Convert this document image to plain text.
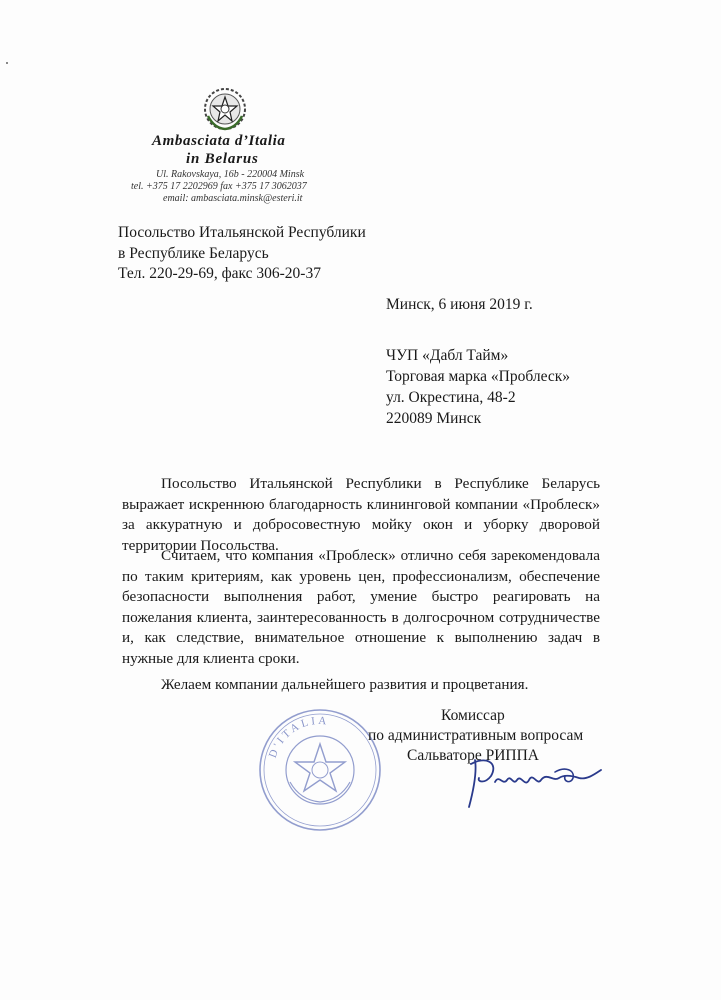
Ambasciata d’Italia
in Belarus
Ul. Rakovskaya, 16b - 220004 Minsk
tel. +375 17 2202969 fax +375 17 3062037
email: ambasciata.minsk@esteri.it
Посольство Итальянской Республики
в Республике Беларусь
Тел. 220-29-69, факс 306-20-37
Минск, 6 июня 2019 г.
ЧУП «Дабл Тайм»
Торговая марка «Проблеск»
ул. Окрестина, 48-2
220089 Минск

Посольство Итальянской Республики в Республике Беларусь выражает искреннюю благодарность клининговой компании «Проблеск» за аккуратную и добросовестную мойку окон и уборку дворовой территории Посольства.

Считаем, что компания «Проблеск» отлично себя зарекомендовала по таким критериям, как уровень цен, профессионализм, обеспечение безопасности выполнения работ, умение быстро реагировать на пожелания клиента, заинтересованность в долгосрочном сотрудничестве и, как следствие, внимательное отношение к выполнению задач в нужные для клиента сроки.

Желаем компании дальнейшего развития и процветания.

D'ITALIA	Комиссар
по административным вопросам
Сальваторе РИППА
